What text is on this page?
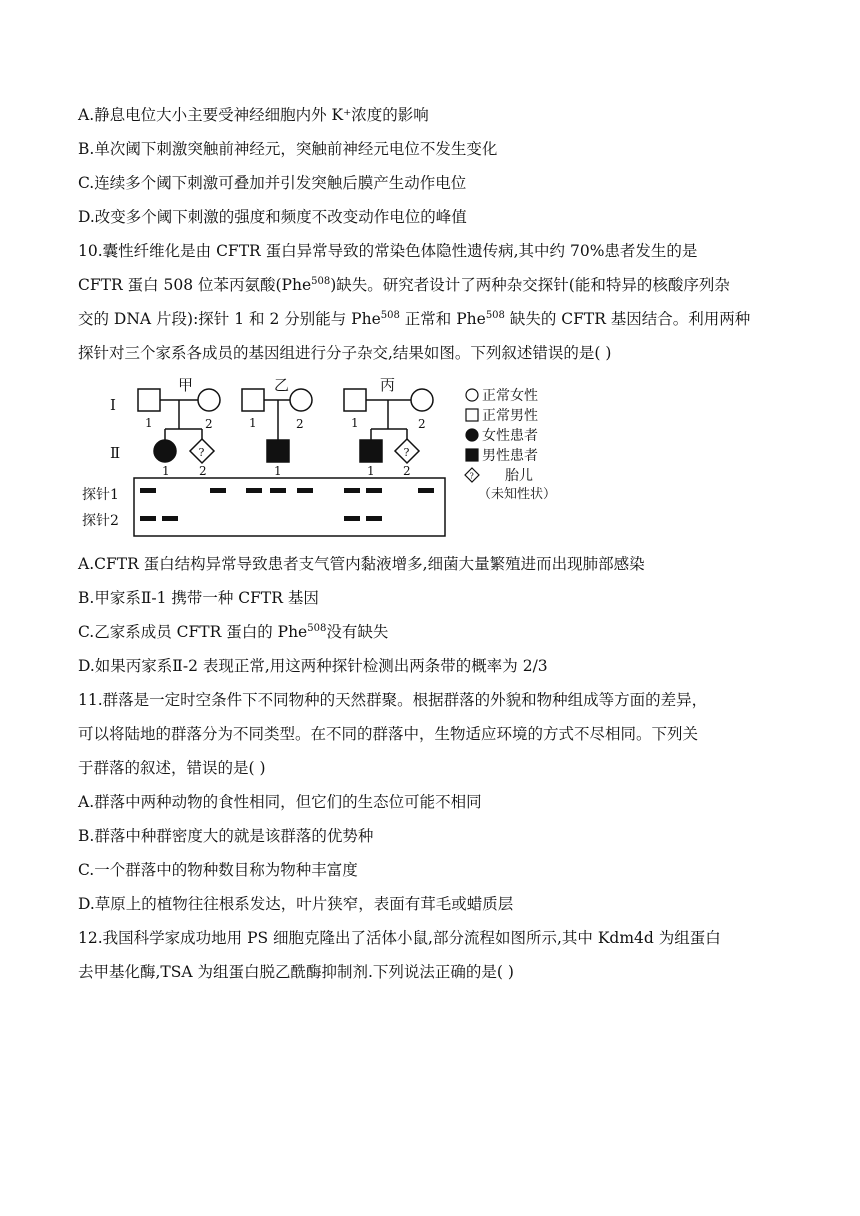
A.静息电位大小主要受神经细胞内外 K⁺浓度的影响
B.单次阈下刺激突触前神经元，突触前神经元电位不发生变化
C.连续多个阈下刺激可叠加并引发突触后膜产生动作电位
D.改变多个阈下刺激的强度和频度不改变动作电位的峰值
10.囊性纤维化是由 CFTR 蛋白异常导致的常染色体隐性遗传病,其中约 70%患者发生的是
CFTR 蛋白 508 位苯丙氨酸(Phe$^{508}$)缺失。研究者设计了两种杂交探针(能和特异的核酸序列杂
交的 DNA 片段):探针 1 和 2 分别能与 Phe$^{508}$ 正常和 Phe$^{508}$ 缺失的 CFTR 基因结合。利用两种
探针对三个家系各成员的基因组进行分子杂交,结果如图。下列叙述错误的是( )
Ⅰ
Ⅱ
甲
?
1	2
1 2
乙
1	2
1
丙
?
1	2
1 2
探针1
探针2
正常女性
正常男性
女性患者
男性患者
? 胎儿
（未知性状）
A.CFTR 蛋白结构异常导致患者支气管内黏液增多,细菌大量繁殖进而出现肺部感染
B.甲家系Ⅱ-1 携带一种 CFTR 基因
C.乙家系成员 CFTR 蛋白的 Phe$^{508}$没有缺失
D.如果丙家系Ⅱ-2 表现正常,用这两种探针检测出两条带的概率为 2/3
11.群落是一定时空条件下不同物种的天然群聚。根据群落的外貌和物种组成等方面的差异，
可以将陆地的群落分为不同类型。在不同的群落中，生物适应环境的方式不尽相同。下列关
于群落的叙述，错误的是( )
A.群落中两种动物的食性相同，但它们的生态位可能不相同
B.群落中种群密度大的就是该群落的优势种
C.一个群落中的物种数目称为物种丰富度
D.草原上的植物往往根系发达，叶片狭窄，表面有茸毛或蜡质层
12.我国科学家成功地用 PS 细胞克隆出了活体小鼠,部分流程如图所示,其中 Kdm4d 为组蛋白
去甲基化酶,TSA 为组蛋白脱乙酰酶抑制剂.下列说法正确的是( )
